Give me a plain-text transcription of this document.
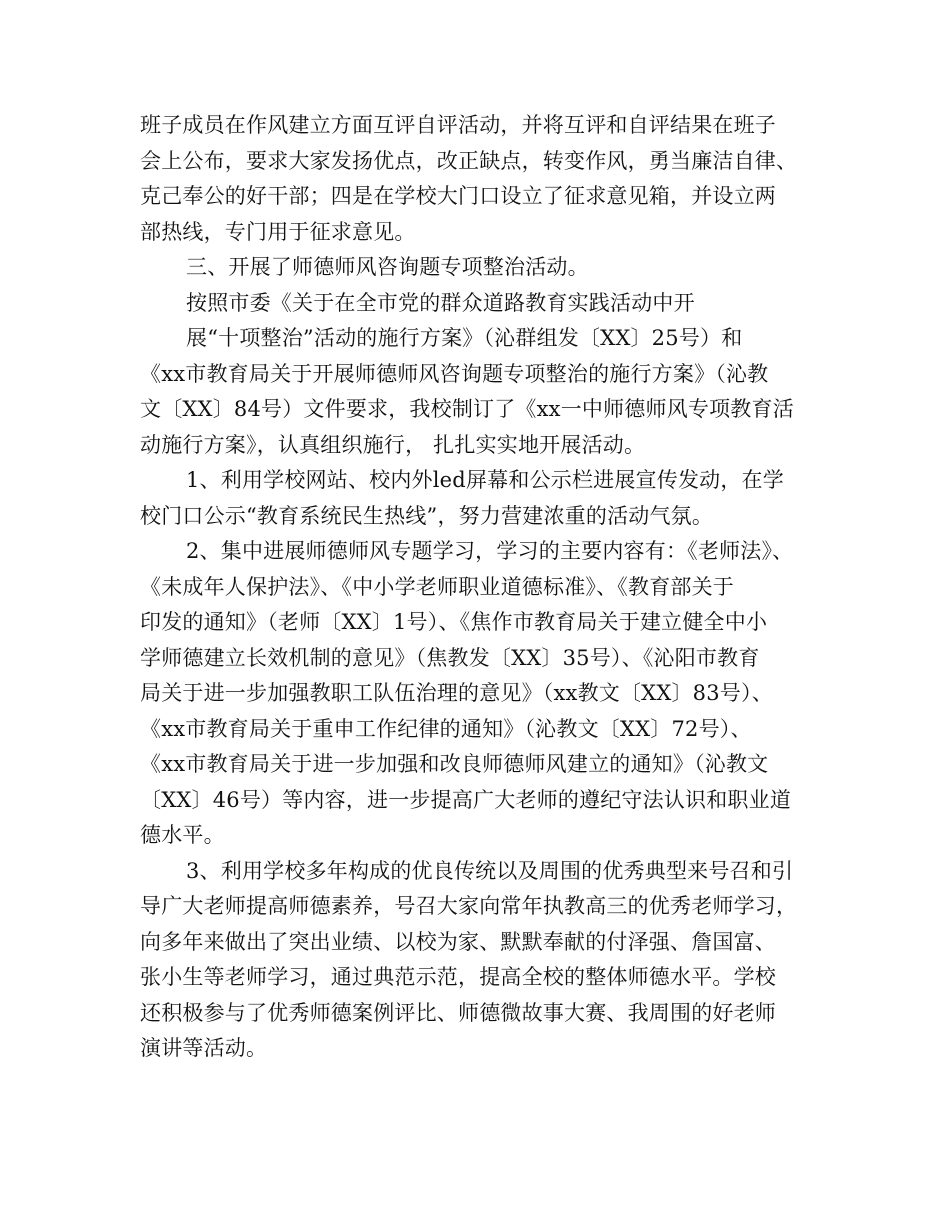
班子成员在作风建立方面互评自评活动，并将互评和自评结果在班子
会上公布，要求大家发扬优点，改正缺点，转变作风，勇当廉洁自律、
克己奉公的好干部；四是在学校大门口设立了征求意见箱，并设立两
部热线，专门用于征求意见。
三、开展了师德师风咨询题专项整治活动。
按照市委《关于在全市党的群众道路教育实践活动中开
展“十项整治”活动的施行方案》（沁群组发〔XX〕25号）和
《xx市教育局关于开展师德师风咨询题专项整治的施行方案》（沁教
文〔XX〕84号）文件要求，我校制订了《xx一中师德师风专项教育活
动施行方案》，认真组织施行， 扎扎实实地开展活动。
1、利用学校网站、校内外led屏幕和公示栏进展宣传发动，在学
校门口公示“教育系统民生热线”，努力营建浓重的活动气氛。
2、集中进展师德师风专题学习，学习的主要内容有：《老师法》、
《未成年人保护法》、《中小学老师职业道德标准》、《教育部关于
印发的通知》（老师〔XX〕1号）、《焦作市教育局关于建立健全中小
学师德建立长效机制的意见》（焦教发〔XX〕35号）、《沁阳市教育
局关于进一步加强教职工队伍治理的意见》（xx教文〔XX〕83号）、
《xx市教育局关于重申工作纪律的通知》（沁教文〔XX〕72号）、
《xx市教育局关于进一步加强和改良师德师风建立的通知》（沁教文
〔XX〕46号）等内容，进一步提高广大老师的遵纪守法认识和职业道
德水平。
3、利用学校多年构成的优良传统以及周围的优秀典型来号召和引
导广大老师提高师德素养，号召大家向常年执教高三的优秀老师学习，
向多年来做出了突出业绩、以校为家、默默奉献的付泽强、詹国富、
张小生等老师学习，通过典范示范，提高全校的整体师德水平。学校
还积极参与了优秀师德案例评比、师德微故事大赛、我周围的好老师
演讲等活动。
